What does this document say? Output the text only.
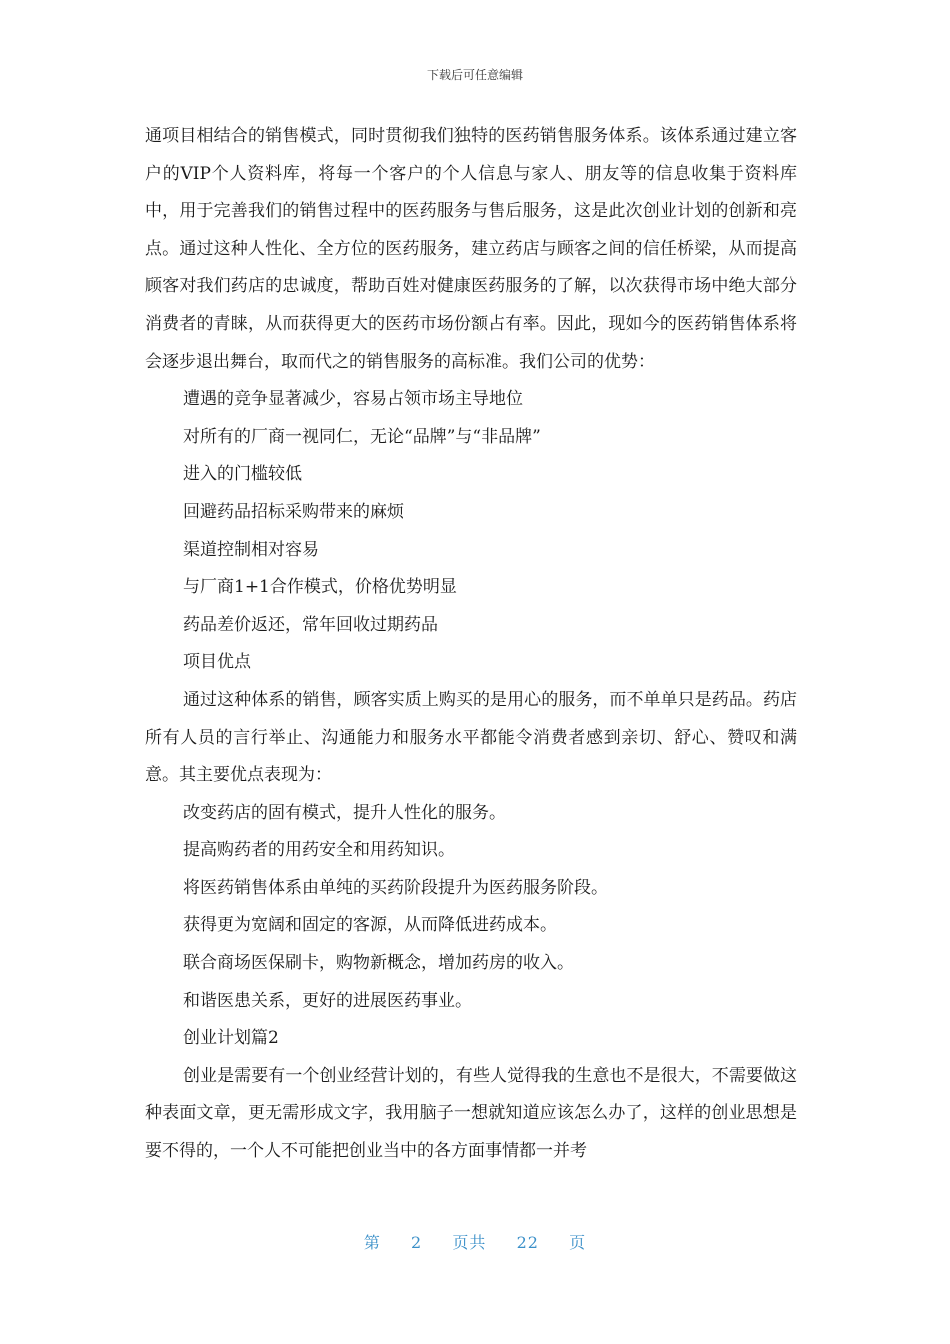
下载后可任意编辑

通项目相结合的销售模式，同时贯彻我们独特的医药销售服务体系。该体系通过建立客户的VIP个人资料库，将每一个客户的个人信息与家人、朋友等的信息收集于资料库中，用于完善我们的销售过程中的医药服务与售后服务，这是此次创业计划的创新和亮点。通过这种人性化、全方位的医药服务，建立药店与顾客之间的信任桥梁，从而提高顾客对我们药店的忠诚度，帮助百姓对健康医药服务的了解，以次获得市场中绝大部分消费者的青睐，从而获得更大的医药市场份额占有率。因此，现如今的医药销售体系将会逐步退出舞台，取而代之的销售服务的高标准。我们公司的优势：

遭遇的竞争显著减少，容易占领市场主导地位

对所有的厂商一视同仁，无论“品牌”与“非品牌”

进入的门槛较低

回避药品招标采购带来的麻烦

渠道控制相对容易

与厂商1+1合作模式，价格优势明显

药品差价返还，常年回收过期药品

项目优点

通过这种体系的销售，顾客实质上购买的是用心的服务，而不单单只是药品。药店所有人员的言行举止、沟通能力和服务水平都能令消费者感到亲切、舒心、赞叹和满意。其主要优点表现为：

改变药店的固有模式，提升人性化的服务。

提高购药者的用药安全和用药知识。

将医药销售体系由单纯的买药阶段提升为医药服务阶段。

获得更为宽阔和固定的客源，从而降低进药成本。

联合商场医保刷卡，购物新概念，增加药房的收入。

和谐医患关系，更好的进展医药事业。

创业计划篇2

创业是需要有一个创业经营计划的，有些人觉得我的生意也不是很大，不需要做这种表面文章，更无需形成文字，我用脑子一想就知道应该怎么办了，这样的创业思想是要不得的，一个人不可能把创业当中的各方面事情都一并考

第 2 页共 22 页
